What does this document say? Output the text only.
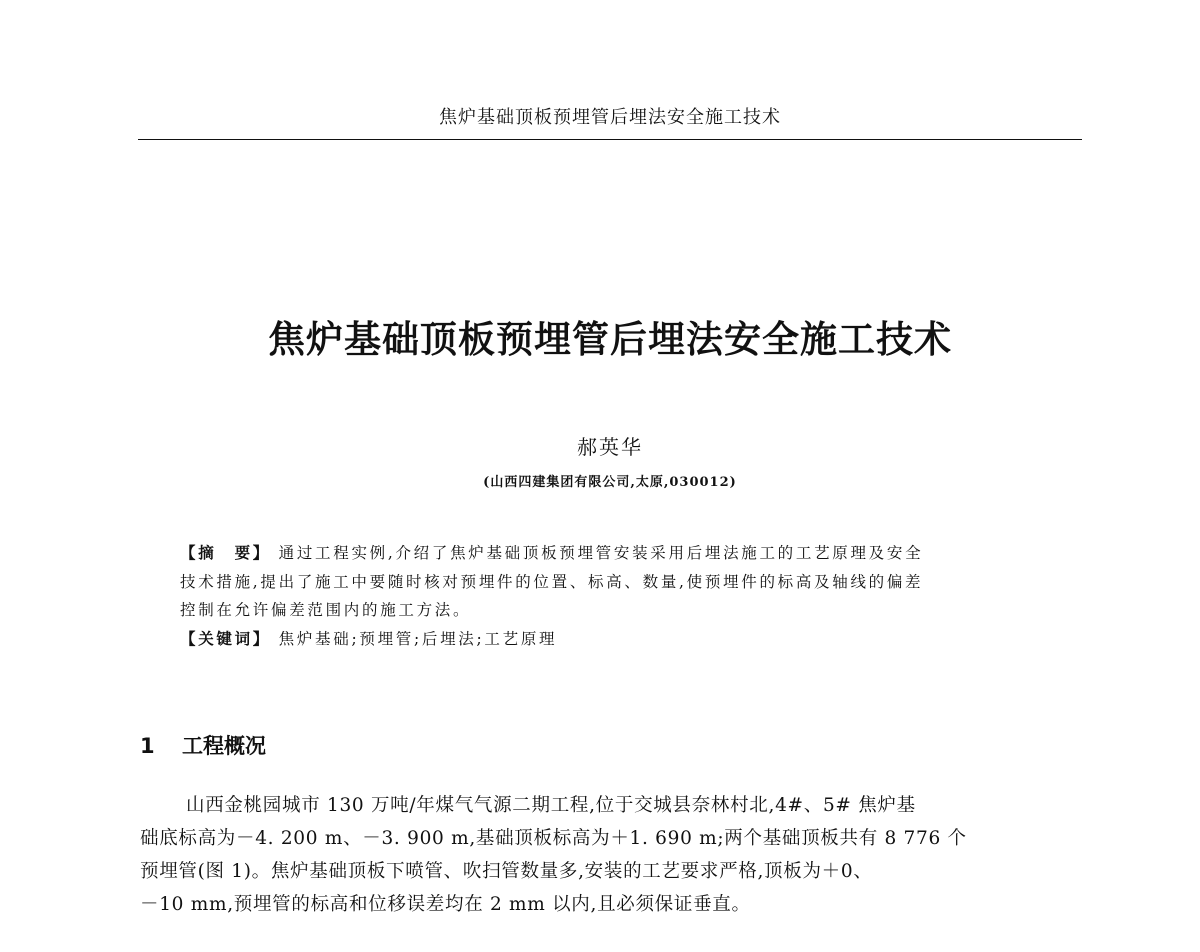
焦炉基础顶板预埋管后埋法安全施工技术
焦炉基础顶板预埋管后埋法安全施工技术
郝英华
(山西四建集团有限公司,太原,030012)
【摘　要】 通过工程实例,介绍了焦炉基础顶板预埋管安装采用后埋法施工的工艺原理及安全
技术措施,提出了施工中要随时核对预埋件的位置、标高、数量,使预埋件的标高及轴线的偏差
控制在允许偏差范围内的施工方法。
【关键词】 焦炉基础;预埋管;后埋法;工艺原理
1 工程概况
山西金桃园城市 130 万吨/年煤气气源二期工程,位于交城县奈林村北,4#、5# 焦炉基
础底标高为－4. 200 m、－3. 900 m,基础顶板标高为＋1. 690 m;两个基础顶板共有 8 776 个
预埋管(图 1)。焦炉基础顶板下喷管、吹扫管数量多,安装的工艺要求严格,顶板为＋0、
－10 mm,预埋管的标高和位移误差均在 2 mm 以内,且必须保证垂直。
